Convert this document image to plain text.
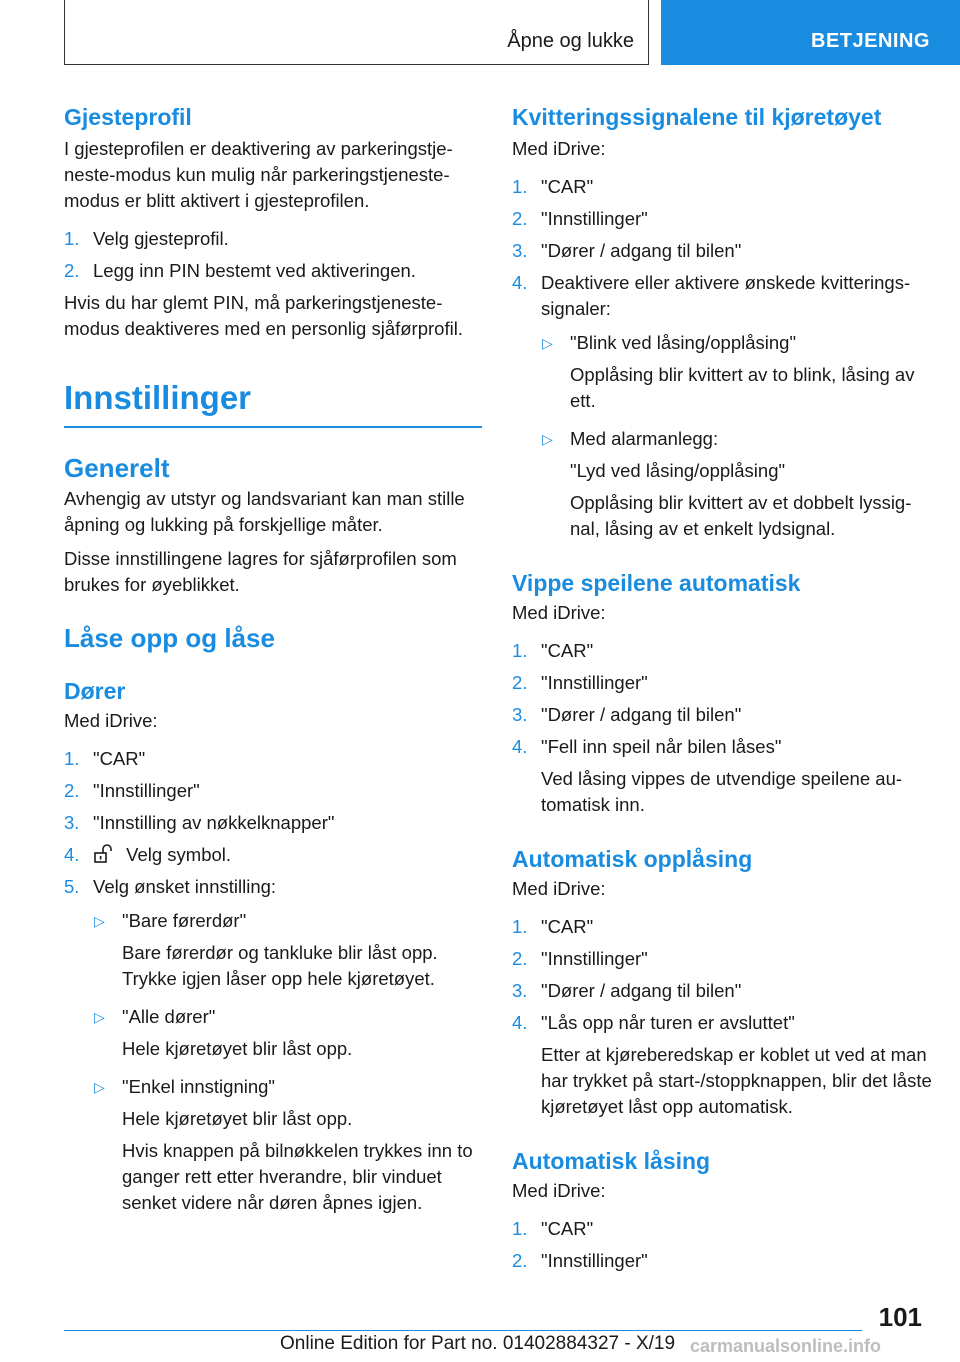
Åpne og lukke	BETJENING
Gjesteprofil
I gjesteprofilen er deaktivering av parkeringstje-neste-modus kun mulig når parkeringstjeneste-modus er blitt aktivert i gjesteprofilen.
1. Velg gjesteprofil.
2. Legg inn PIN bestemt ved aktiveringen.
Hvis du har glemt PIN, må parkeringstjeneste-modus deaktiveres med en personlig sjåførprofil.
Innstillinger
Generelt
Avhengig av utstyr og landsvariant kan man stille åpning og lukking på forskjellige måter.
Disse innstillingene lagres for sjåførprofilen som brukes for øyeblikket.
Låse opp og låse
Dører
Med iDrive:
1. "CAR"
2. "Innstillinger"
3. "Innstilling av nøkkelknapper"
4.	Velg symbol.
5. Velg ønsket innstilling:
▷ "Bare førerdør"
Bare førerdør og tankluke blir låst opp. Trykke igjen låser opp hele kjøretøyet.
▷ "Alle dører"
Hele kjøretøyet blir låst opp.
▷ "Enkel innstigning"
Hele kjøretøyet blir låst opp.
Hvis knappen på bilnøkkelen trykkes inn to ganger rett etter hverandre, blir vinduet senket videre når døren åpnes igjen.
Kvitteringssignalene til kjøretøyet
Med iDrive:
1. "CAR"
2. "Innstillinger"
3. "Dører / adgang til bilen"
4. Deaktivere eller aktivere ønskede kvitterings-signaler:
▷ "Blink ved låsing/opplåsing"
Opplåsing blir kvittert av to blink, låsing av ett.
▷ Med alarmanlegg:
"Lyd ved låsing/opplåsing"
Opplåsing blir kvittert av et dobbelt lyssig-nal, låsing av et enkelt lydsignal.
Vippe speilene automatisk
Med iDrive:
1. "CAR"
2. "Innstillinger"
3. "Dører / adgang til bilen"
4. "Fell inn speil når bilen låses"
Ved låsing vippes de utvendige speilene au-tomatisk inn.
Automatisk opplåsing
Med iDrive:
1. "CAR"
2. "Innstillinger"
3. "Dører / adgang til bilen"
4. "Lås opp når turen er avsluttet"
Etter at kjøreberedskap er koblet ut ved at man har trykket på start-/stoppknappen, blir det låste kjøretøyet låst opp automatisk.
Automatisk låsing
Med iDrive:
1. "CAR"
2. "Innstillinger"
101
Online Edition for Part no. 01402884327 - X/19 carmanualsonline.info
